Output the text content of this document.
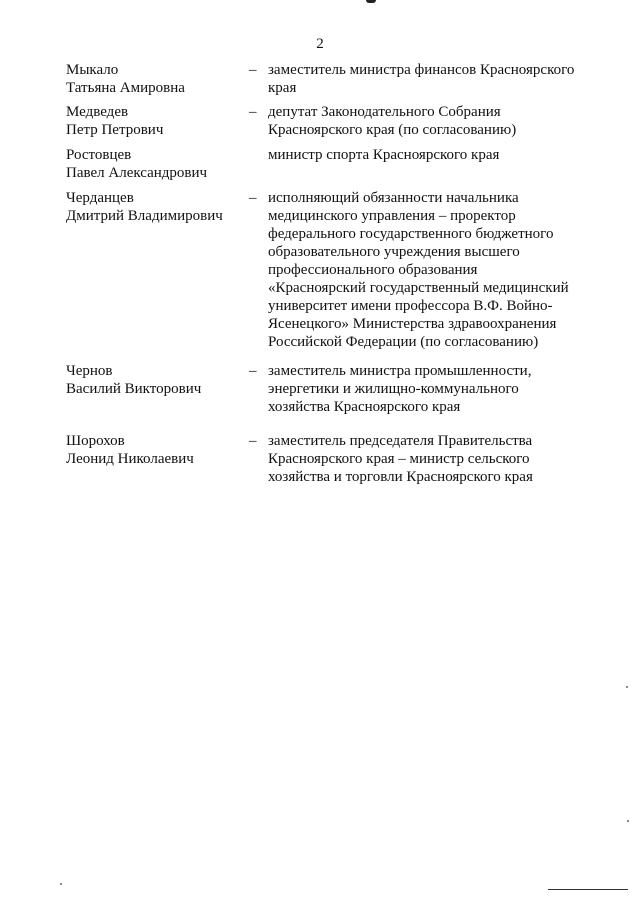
2
Мыкало
Татьяна Амировна
– заместитель министра финансов Красноярского
края
Медведев
Петр Петрович
– депутат Законодательного Собрания
Красноярского края (по согласованию)
Ростовцев
Павел Александрович
министр спорта Красноярского края
Черданцев
Дмитрий Владимирович
– исполняющий обязанности начальника
медицинского управления – проректор
федерального государственного бюджетного
образовательного учреждения высшего
профессионального образования
«Красноярский государственный медицинский
университет имени профессора В.Ф. Войно-
Ясенецкого» Министерства здравоохранения
Российской Федерации (по согласованию)
Чернов
Василий Викторович
– заместитель министра промышленности,
энергетики и жилищно-коммунального
хозяйства Красноярского края
Шорохов
Леонид Николаевич
– заместитель председателя Правительства
Красноярского края – министр сельского
хозяйства и торговли Красноярского края
